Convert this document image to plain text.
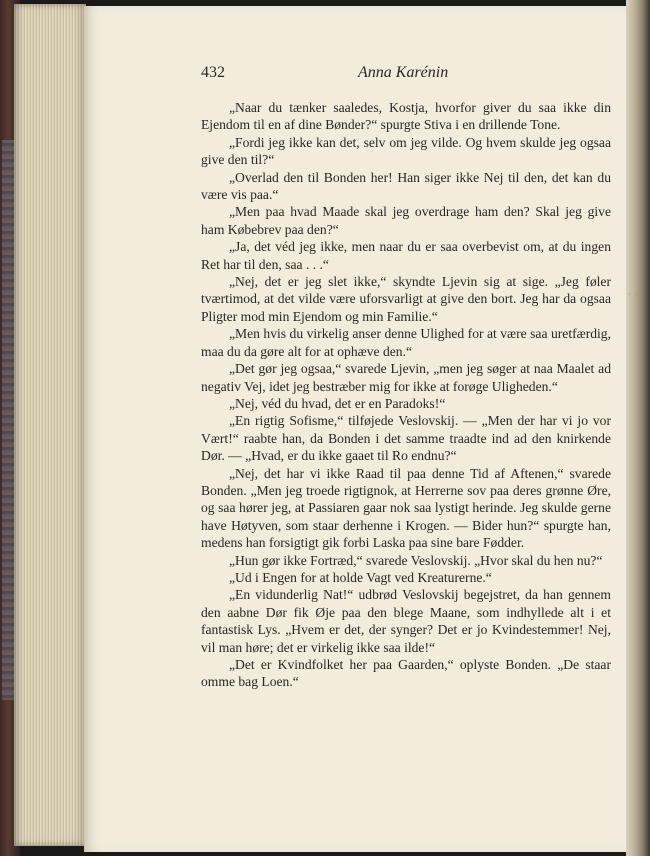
· ·
432	Anna Karénin

„Naar du tænker saaledes, Kostja, hvorfor giver du saa ikke din Ejendom til en af dine Bønder?“ spurgte Stiva i en drillende Tone.

„Fordi jeg ikke kan det, selv om jeg vilde. Og hvem skulde jeg ogsaa give den til?“

„Overlad den til Bonden her! Han siger ikke Nej til den, det kan du være vis paa.“

„Men paa hvad Maade skal jeg overdrage ham den? Skal jeg give ham Købebrev paa den?“

„Ja, det véd jeg ikke, men naar du er saa overbevist om, at du ingen Ret har til den, saa . . .“

„Nej, det er jeg slet ikke,“ skyndte Ljevin sig at sige. „Jeg føler tværtimod, at det vilde være uforsvarligt at give den bort. Jeg har da ogsaa Pligter mod min Ejendom og min Familie.“

„Men hvis du virkelig anser denne Ulighed for at være saa uretfærdig, maa du da gøre alt for at ophæve den.“

„Det gør jeg ogsaa,“ svarede Ljevin, „men jeg søger at naa Maalet ad negativ Vej, idet jeg bestræber mig for ikke at forøge Uligheden.“

„Nej, véd du hvad, det er en Paradoks!“

„En rigtig Sofisme,“ tilføjede Veslovskij. — „Men der har vi jo vor Vært!“ raabte han, da Bonden i det samme traadte ind ad den knirkende Dør. — „Hvad, er du ikke gaaet til Ro endnu?“

„Nej, det har vi ikke Raad til paa denne Tid af Aftenen,“ svarede Bonden. „Men jeg troede rigtignok, at Herrerne sov paa deres grønne Øre, og saa hører jeg, at Passiaren gaar nok saa lystigt herinde. Jeg skulde gerne have Høtyven, som staar derhenne i Krogen. — Bider hun?“ spurgte han, medens han forsigtigt gik forbi Laska paa sine bare Fødder.

„Hun gør ikke Fortræd,“ svarede Veslovskij. „Hvor skal du hen nu?“

„Ud i Engen for at holde Vagt ved Kreaturerne.“

„En vidunderlig Nat!“ udbrød Veslovskij begejstret, da han gennem den aabne Dør fik Øje paa den blege Maane, som indhyllede alt i et fantastisk Lys. „Hvem er det, der synger? Det er jo Kvindestemmer! Nej, vil man høre; det er virkelig ikke saa ilde!“

„Det er Kvindfolket her paa Gaarden,“ oplyste Bonden. „De staar omme bag Loen.“
